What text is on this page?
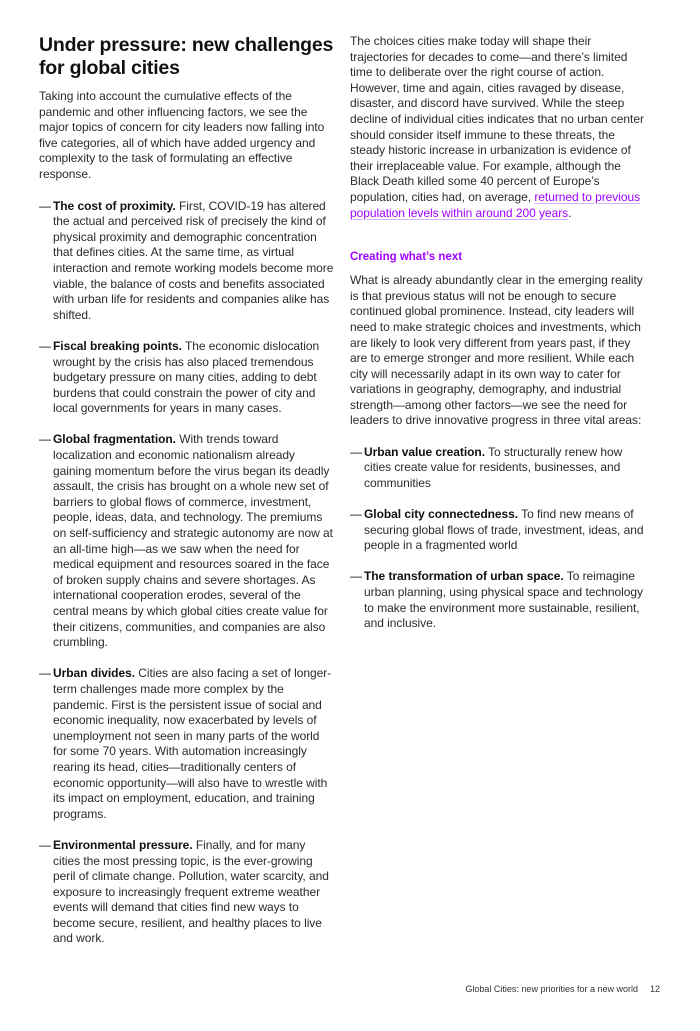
Under pressure: new challenges for global cities

Taking into account the cumulative effects of the pandemic and other influencing factors, we see the major topics of concern for city leaders now falling into five categories, all of which have added urgency and complexity to the task of formulating an effective response.

— The cost of proximity. First, COVID-19 has altered the actual and perceived risk of precisely the kind of physical proximity and demographic concentration that defines cities. At the same time, as virtual interaction and remote working models become more viable, the balance of costs and benefits associated with urban life for residents and companies alike has shifted.
— Fiscal breaking points. The economic dislocation wrought by the crisis has also placed tremendous budgetary pressure on many cities, adding to debt burdens that could constrain the power of city and local governments for years in many cases.
— Global fragmentation. With trends toward localization and economic nationalism already gaining momentum before the virus began its deadly assault, the crisis has brought on a whole new set of barriers to global flows of commerce, investment, people, ideas, data, and technology. The premiums on self-sufficiency and strategic autonomy are now at an all-time high—as we saw when the need for medical equipment and resources soared in the face of broken supply chains and severe shortages. As international cooperation erodes, several of the central means by which global cities create value for their citizens, communities, and companies are also crumbling.
— Urban divides. Cities are also facing a set of longer-term challenges made more complex by the pandemic. First is the persistent issue of social and economic inequality, now exacerbated by levels of unemployment not seen in many parts of the world for some 70 years. With automation increasingly rearing its head, cities—traditionally centers of economic opportunity—will also have to wrestle with its impact on employment, education, and training programs.
— Environmental pressure. Finally, and for many cities the most pressing topic, is the ever-growing peril of climate change. Pollution, water scarcity, and exposure to increasingly frequent extreme weather events will demand that cities find new ways to become secure, resilient, and healthy places to live and work.

The choices cities make today will shape their trajectories for decades to come—and there’s limited time to deliberate over the right course of action. However, time and again, cities ravaged by disease, disaster, and discord have survived. While the steep decline of individual cities indicates that no urban center should consider itself immune to these threats, the steady historic increase in urbanization is evidence of their irreplaceable value. For example, although the Black Death killed some 40 percent of Europe’s population, cities had, on average, returned to previous population levels within around 200 years.

Creating what’s next

What is already abundantly clear in the emerging reality is that previous status will not be enough to secure continued global prominence. Instead, city leaders will need to make strategic choices and investments, which are likely to look very different from years past, if they are to emerge stronger and more resilient. While each city will necessarily adapt in its own way to cater for variations in geography, demography, and industrial strength—among other factors—we see the need for leaders to drive innovative progress in three vital areas:

— Urban value creation. To structurally renew how cities create value for residents, businesses, and communities
— Global city connectedness. To find new means of securing global flows of trade, investment, ideas, and people in a fragmented world
— The transformation of urban space. To reimagine urban planning, using physical space and technology to make the environment more sustainable, resilient, and inclusive.
Global Cities: new priorities for a new world 12
